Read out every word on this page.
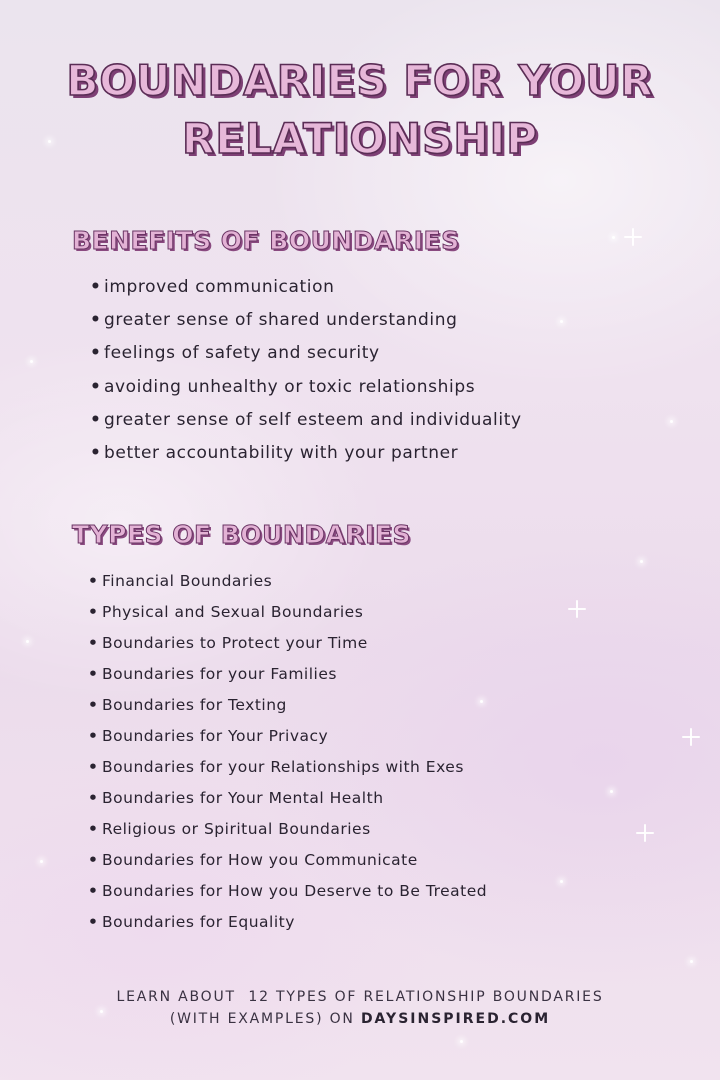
BOUNDARIES FOR YOUR
RELATIONSHIP
BENEFITS OF BOUNDARIES
• improved communication
• greater sense of shared understanding
• feelings of safety and security
• avoiding unhealthy or toxic relationships
• greater sense of self esteem and individuality
• better accountability with your partner
TYPES OF BOUNDARIES
• Financial Boundaries
• Physical and Sexual Boundaries
• Boundaries to Protect your Time
• Boundaries for your Families
• Boundaries for Texting
• Boundaries for Your Privacy
• Boundaries for your Relationships with Exes
• Boundaries for Your Mental Health
• Religious or Spiritual Boundaries
• Boundaries for How you Communicate
• Boundaries for How you Deserve to Be Treated
• Boundaries for Equality
LEARN ABOUT  12 TYPES OF RELATIONSHIP BOUNDARIES
(WITH EXAMPLES) ON DAYSINSPIRED.COM
